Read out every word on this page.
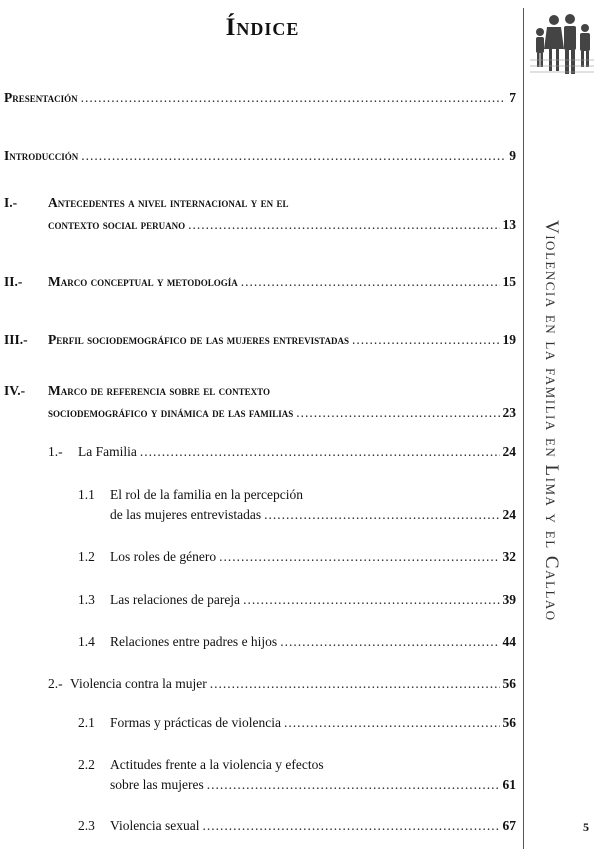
Índice
Presentación .....	7
Introducción .....	9
I.- Antecedentes a nivel internacional y en el
contexto social peruano .....	13
II.- Marco conceptual y metodología .....	15
III.- Perfil sociodemográfico de las mujeres entrevistadas .....	19
IV.- Marco de referencia sobre el contexto
sociodemográfico y dinámica de las familias .....	23
1.- La Familia .....	24
1.1 El rol de la familia en la percepción
de las mujeres entrevistadas .....	24
1.2 Los roles de género .....	32
1.3 Las relaciones de pareja .....	39
1.4 Relaciones entre padres e hijos .....	44
2.- Violencia contra la mujer .....	56
2.1 Formas y prácticas de violencia .....	56
2.2 Actitudes frente a la violencia y efectos
sobre las mujeres .....	61
2.3 Violencia sexual .....	67
Violencia en la familia en Lima y el Callao
5
